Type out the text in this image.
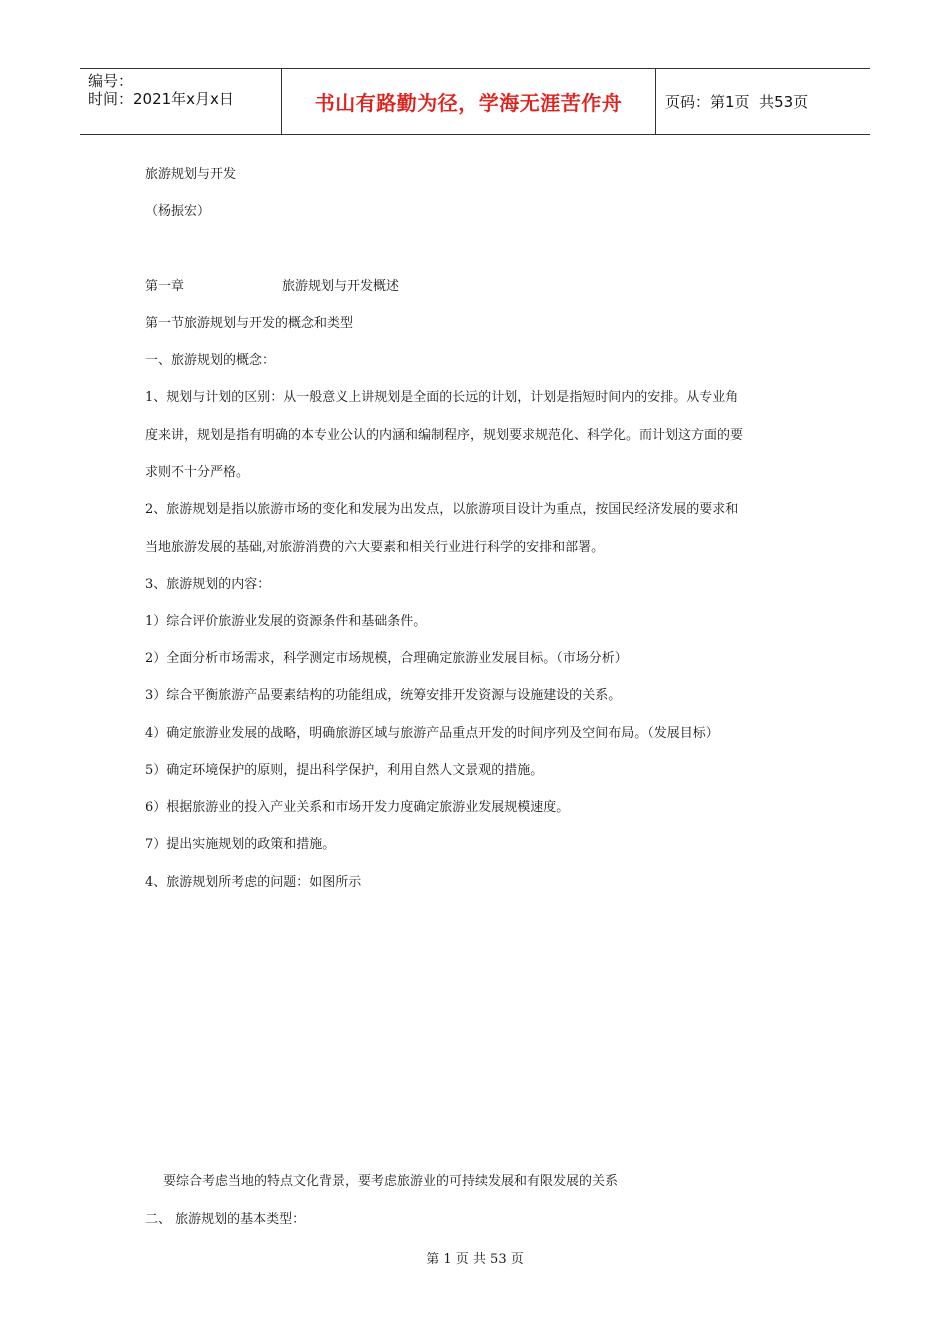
编号：
时间：2021年x月x日	书山有路勤为径，学海无涯苦作舟	页码：第1页  共53页
旅游规划与开发
（杨振宏）
第一章	旅游规划与开发概述
第一节旅游规划与开发的概念和类型
一、旅游规划的概念：
1、规划与计划的区别：从一般意义上讲规划是全面的长远的计划，计划是指短时间内的安排。从专业角
度来讲，规划是指有明确的本专业公认的内涵和编制程序，规划要求规范化、科学化。而计划这方面的要
求则不十分严格。
2、旅游规划是指以旅游市场的变化和发展为出发点，以旅游项目设计为重点，按国民经济发展的要求和
当地旅游发展的基础,对旅游消费的六大要素和相关行业进行科学的安排和部署。
3、旅游规划的内容：
1）综合评价旅游业发展的资源条件和基础条件。
2）全面分析市场需求，科学测定市场规模，合理确定旅游业发展目标。（市场分析）
3）综合平衡旅游产品要素结构的功能组成，统筹安排开发资源与设施建设的关系。
4）确定旅游业发展的战略，明确旅游区域与旅游产品重点开发的时间序列及空间布局。（发展目标）
5）确定环境保护的原则，提出科学保护，利用自然人文景观的措施。
6）根据旅游业的投入产业关系和市场开发力度确定旅游业发展规模速度。
7）提出实施规划的政策和措施。
4、旅游规划所考虑的问题：如图所示
要综合考虑当地的特点文化背景，要考虑旅游业的可持续发展和有限发展的关系
二、 旅游规划的基本类型：
第 1 页 共 53 页
